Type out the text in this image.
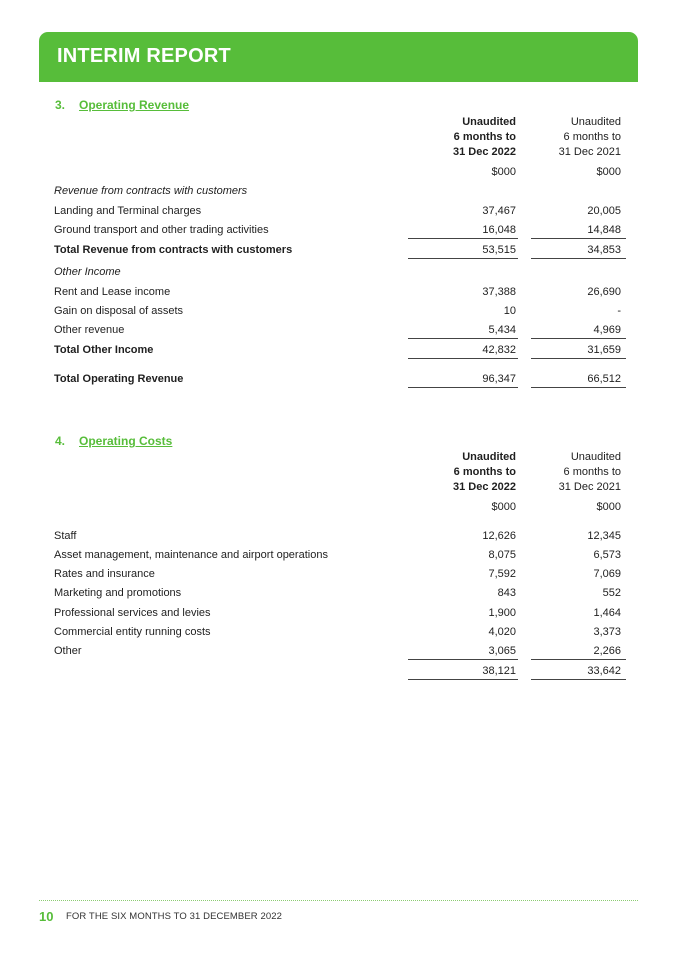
INTERIM REPORT
3. Operating Revenue
Unaudited
6 months to
31 Dec 2022
Unaudited
6 months to
31 Dec 2021
$000	$000
Revenue from contracts with customers
Landing and Terminal charges	37,467	20,005
Ground transport and other trading activities	16,048	14,848
Total Revenue from contracts with customers	53,515	34,853
Other Income
Rent and Lease income	37,388	26,690
Gain on disposal of assets	10	-
Other revenue	5,434	4,969
Total Other Income	42,832	31,659
Total Operating Revenue	96,347	66,512
4. Operating Costs
Unaudited
6 months to
31 Dec 2022
Unaudited
6 months to
31 Dec 2021
$000	$000
Staff	12,626	12,345
Asset management, maintenance and airport operations	8,075	6,573
Rates and insurance	7,592	7,069
Marketing and promotions	843	552
Professional services and levies	1,900	1,464
Commercial entity running costs	4,020	3,373
Other	3,065	2,266
38,121	33,642
10 FOR THE SIX MONTHS TO 31 DECEMBER 2022
